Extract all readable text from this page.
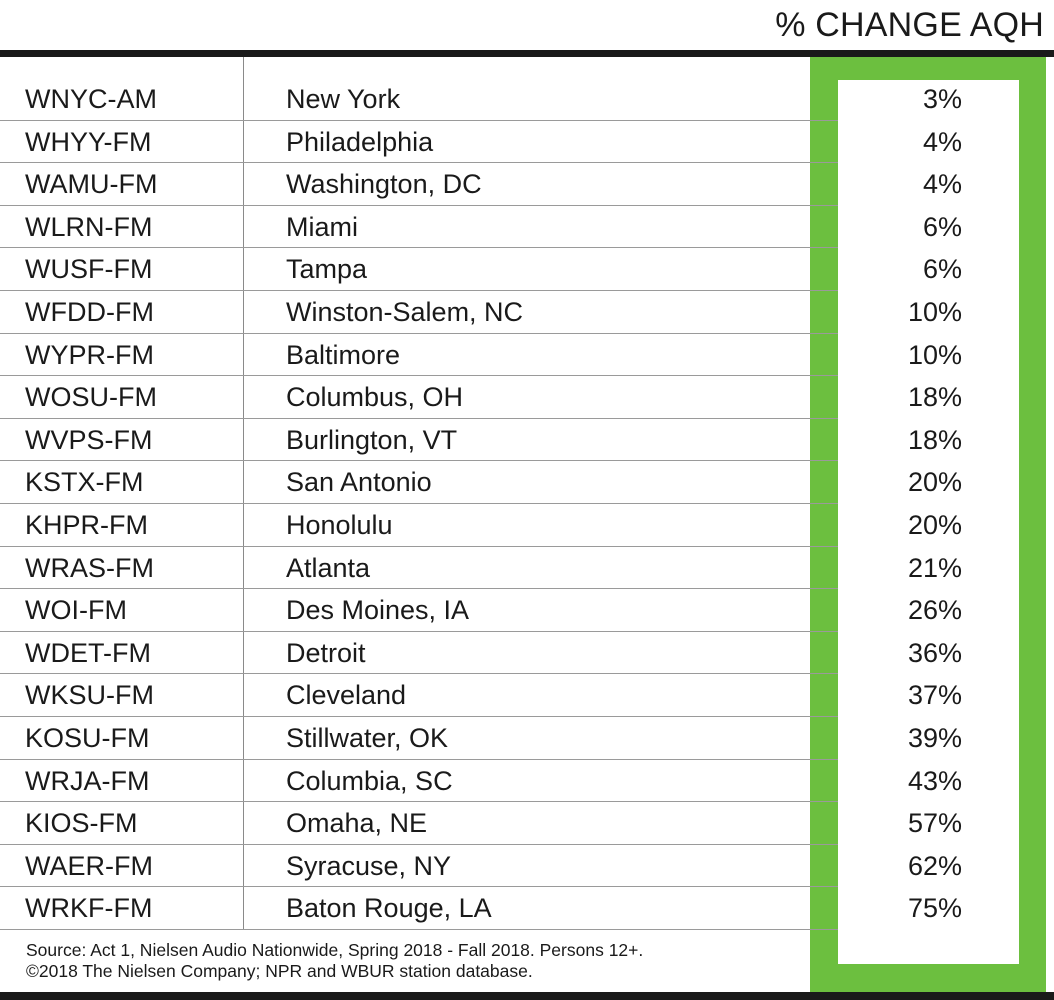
% CHANGE AQH
WNYC-AM	New York	3%
WHYY-FM	Philadelphia	4%
WAMU-FM	Washington, DC	4%
WLRN-FM	Miami	6%
WUSF-FM	Tampa	6%
WFDD-FM	Winston-Salem, NC	10%
WYPR-FM	Baltimore	10%
WOSU-FM	Columbus, OH	18%
WVPS-FM	Burlington, VT	18%
KSTX-FM	San Antonio	20%
KHPR-FM	Honolulu	20%
WRAS-FM	Atlanta	21%
WOI-FM	Des Moines, IA	26%
WDET-FM	Detroit	36%
WKSU-FM	Cleveland	37%
KOSU-FM	Stillwater, OK	39%
WRJA-FM	Columbia, SC	43%
KIOS-FM	Omaha, NE	57%
WAER-FM	Syracuse, NY	62%
WRKF-FM	Baton Rouge, LA	75%
Source: Act 1, Nielsen Audio Nationwide, Spring 2018 - Fall 2018. Persons 12+.
©2018 The Nielsen Company; NPR and WBUR station database.
